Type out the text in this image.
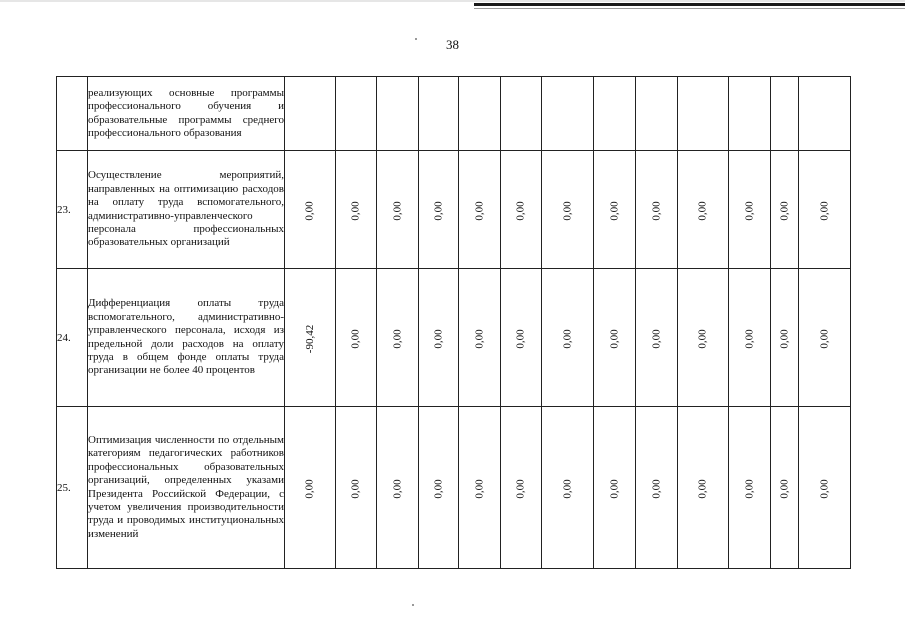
38
	реализующих основные программы профессионального обучения и образовательные программы среднего профессионального образования													
23.	Осуществление мероприятий, направленных на оптимизацию расходов на оплату труда вспомогательного, административно-управленческого персонала профессиональных образовательных организаций	0,00	0,00	0,00	0,00	0,00	0,00	0,00	0,00	0,00	0,00	0,00	0,00	0,00
24.	Дифференциация оплаты труда вспомогательного, административно-управленческого персонала, исходя из предельной доли расходов на оплату труда в общем фонде оплаты труда организации не более 40 процентов	-90,42	0,00	0,00	0,00	0,00	0,00	0,00	0,00	0,00	0,00	0,00	0,00	0,00
25.	Оптимизация численности по отдельным категориям педагогических работников профессиональных образовательных организаций, определенных указами Президента Российской Федерации, с учетом увеличения производительности труда и проводимых институциональных изменений	0,00	0,00	0,00	0,00	0,00	0,00	0,00	0,00	0,00	0,00	0,00	0,00	0,00
